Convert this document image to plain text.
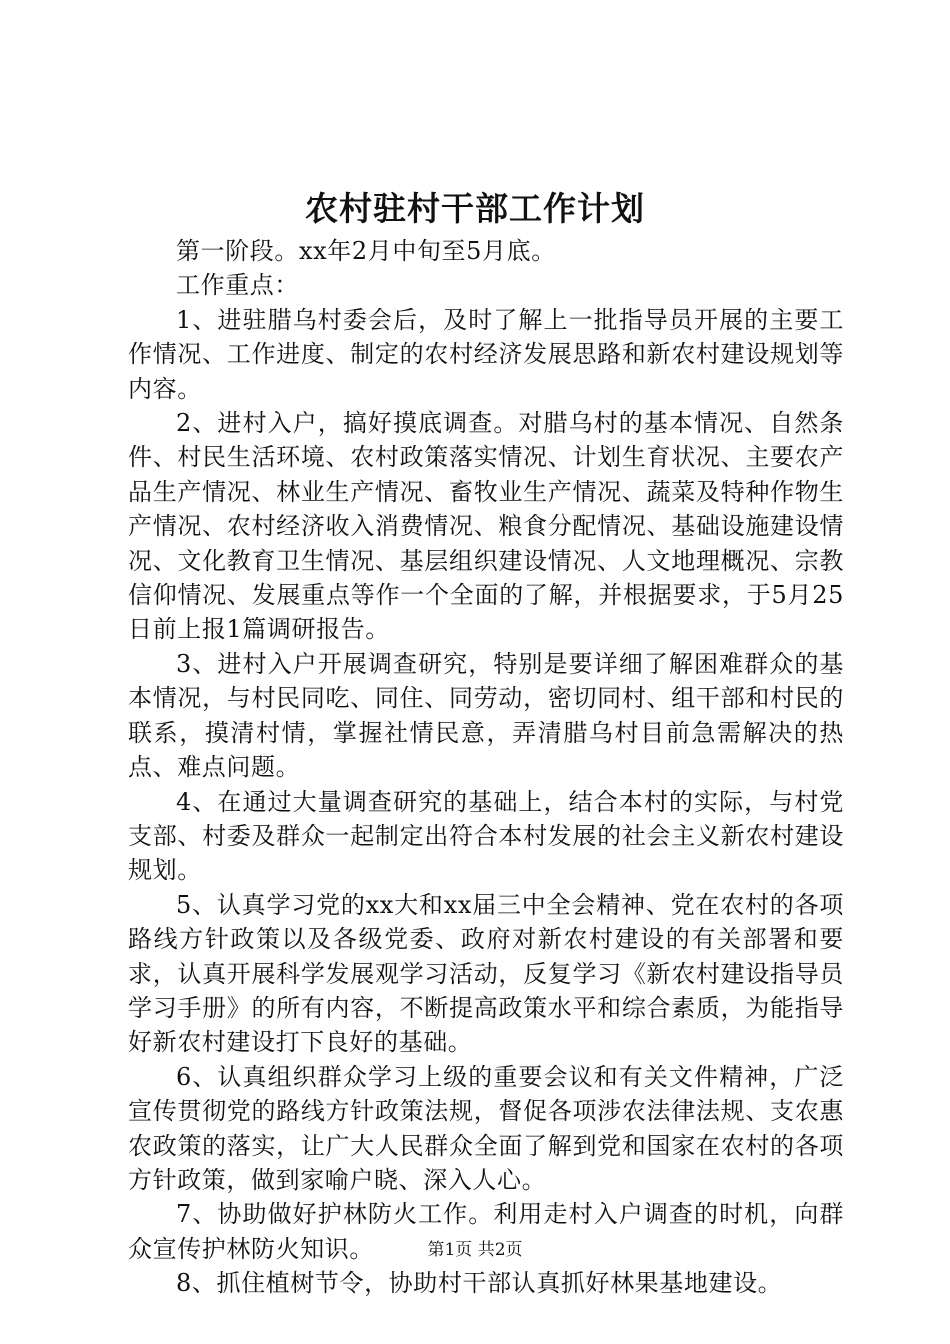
农村驻村干部工作计划

第一阶段。xx年2月中旬至5月底。

工作重点：

1、进驻腊乌村委会后，及时了解上一批指导员开展的主要工作情况、工作进度、制定的农村经济发展思路和新农村建设规划等内容。

2、进村入户，搞好摸底调查。对腊乌村的基本情况、自然条件、村民生活环境、农村政策落实情况、计划生育状况、主要农产品生产情况、林业生产情况、畜牧业生产情况、蔬菜及特种作物生产情况、农村经济收入消费情况、粮食分配情况、基础设施建设情况、文化教育卫生情况、基层组织建设情况、人文地理概况、宗教信仰情况、发展重点等作一个全面的了解，并根据要求，于5月25日前上报1篇调研报告。

3、进村入户开展调查研究，特别是要详细了解困难群众的基本情况，与村民同吃、同住、同劳动，密切同村、组干部和村民的联系，摸清村情，掌握社情民意，弄清腊乌村目前急需解决的热点、难点问题。

4、在通过大量调查研究的基础上，结合本村的实际，与村党支部、村委及群众一起制定出符合本村发展的社会主义新农村建设规划。

5、认真学习党的xx大和xx届三中全会精神、党在农村的各项路线方针政策以及各级党委、政府对新农村建设的有关部署和要求，认真开展科学发展观学习活动，反复学习《新农村建设指导员学习手册》的所有内容，不断提高政策水平和综合素质，为能指导好新农村建设打下良好的基础。

6、认真组织群众学习上级的重要会议和有关文件精神，广泛宣传贯彻党的路线方针政策法规，督促各项涉农法律法规、支农惠农政策的落实，让广大人民群众全面了解到党和国家在农村的各项方针政策，做到家喻户晓、深入人心。

7、协助做好护林防火工作。利用走村入户调查的时机，向群众宣传护林防火知识。

8、抓住植树节令，协助村干部认真抓好林果基地建设。

第1页 共2页
